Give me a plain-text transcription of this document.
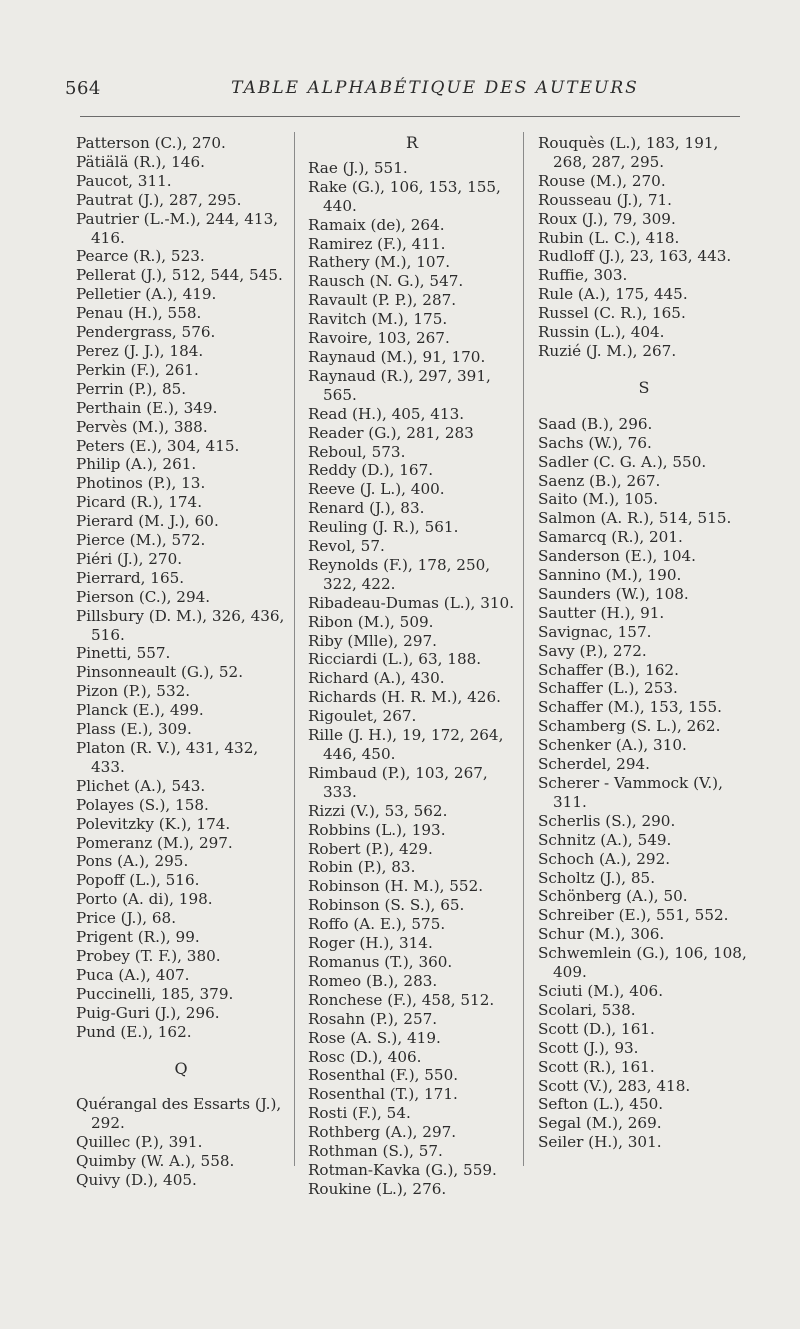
564	TABLE ALPHABÉTIQUE DES AUTEURS
Patterson (C.), 270.
Pätiälä (R.), 146.
Paucot, 311.
Pautrat (J.), 287, 295.
Pautrier (L.-M.), 244, 413, 416.
Pearce (R.), 523.
Pellerat (J.), 512, 544, 545.
Pelletier (A.), 419.
Penau (H.), 558.
Pendergrass, 576.
Perez (J. J.), 184.
Perkin (F.), 261.
Perrin (P.), 85.
Perthain (E.), 349.
Pervès (M.), 388.
Peters (E.), 304, 415.
Philip (A.), 261.
Photinos (P.), 13.
Picard (R.), 174.
Pierard (M. J.), 60.
Pierce (M.), 572.
Piéri (J.), 270.
Pierrard, 165.
Pierson (C.), 294.
Pillsbury (D. M.), 326, 436, 516.
Pinetti, 557.
Pinsonneault (G.), 52.
Pizon (P.), 532.
Planck (E.), 499.
Plass (E.), 309.
Platon (R. V.), 431, 432, 433.
Plichet (A.), 543.
Polayes (S.), 158.
Polevitzky (K.), 174.
Pomeranz (M.), 297.
Pons (A.), 295.
Popoff (L.), 516.
Porto (A. di), 198.
Price (J.), 68.
Prigent (R.), 99.
Probey (T. F.), 380.
Puca (A.), 407.
Puccinelli, 185, 379.
Puig-Guri (J.), 296.
Pund (E.), 162.
Q
Quérangal des Essarts (J.), 292.
Quillec (P.), 391.
Quimby (W. A.), 558.
Quivy (D.), 405.
R
Rae (J.), 551.
Rake (G.), 106, 153, 155, 440.
Ramaix (de), 264.
Ramirez (F.), 411.
Rathery (M.), 107.
Rausch (N. G.), 547.
Ravault (P. P.), 287.
Ravitch (M.), 175.
Ravoire, 103, 267.
Raynaud (M.), 91, 170.
Raynaud (R.), 297, 391, 565.
Read (H.), 405, 413.
Reader (G.), 281, 283
Reboul, 573.
Reddy (D.), 167.
Reeve (J. L.), 400.
Renard (J.), 83.
Reuling (J. R.), 561.
Revol, 57.
Reynolds (F.), 178, 250, 322, 422.
Ribadeau-Dumas (L.), 310.
Ribon (M.), 509.
Riby (Mlle), 297.
Ricciardi (L.), 63, 188.
Richard (A.), 430.
Richards (H. R. M.), 426.
Rigoulet, 267.
Rille (J. H.), 19, 172, 264, 446, 450.
Rimbaud (P.), 103, 267, 333.
Rizzi (V.), 53, 562.
Robbins (L.), 193.
Robert (P.), 429.
Robin (P.), 83.
Robinson (H. M.), 552.
Robinson (S. S.), 65.
Roffo (A. E.), 575.
Roger (H.), 314.
Romanus (T.), 360.
Romeo (B.), 283.
Ronchese (F.), 458, 512.
Rosahn (P.), 257.
Rose (A. S.), 419.
Rosc (D.), 406.
Rosenthal (F.), 550.
Rosenthal (T.), 171.
Rosti (F.), 54.
Rothberg (A.), 297.
Rothman (S.), 57.
Rotman-Kavka (G.), 559.
Roukine (L.), 276.
Rouquès (L.), 183, 191, 268, 287, 295.
Rouse (M.), 270.
Rousseau (J.), 71.
Roux (J.), 79, 309.
Rubin (L. C.), 418.
Rudloff (J.), 23, 163, 443.
Ruffie, 303.
Rule (A.), 175, 445.
Russel (C. R.), 165.
Russin (L.), 404.
Ruzié (J. M.), 267.
S
Saad (B.), 296.
Sachs (W.), 76.
Sadler (C. G. A.), 550.
Saenz (B.), 267.
Saito (M.), 105.
Salmon (A. R.), 514, 515.
Samarcq (R.), 201.
Sanderson (E.), 104.
Sannino (M.), 190.
Saunders (W.), 108.
Sautter (H.), 91.
Savignac, 157.
Savy (P.), 272.
Schaffer (B.), 162.
Schaffer (L.), 253.
Schaffer (M.), 153, 155.
Schamberg (S. L.), 262.
Schenker (A.), 310.
Scherdel, 294.
Scherer - Vammock (V.), 311.
Scherlis (S.), 290.
Schnitz (A.), 549.
Schoch (A.), 292.
Scholtz (J.), 85.
Schönberg (A.), 50.
Schreiber (E.), 551, 552.
Schur (M.), 306.
Schwemlein (G.), 106, 108, 409.
Sciuti (M.), 406.
Scolari, 538.
Scott (D.), 161.
Scott (J.), 93.
Scott (R.), 161.
Scott (V.), 283, 418.
Sefton (L.), 450.
Segal (M.), 269.
Seiler (H.), 301.
